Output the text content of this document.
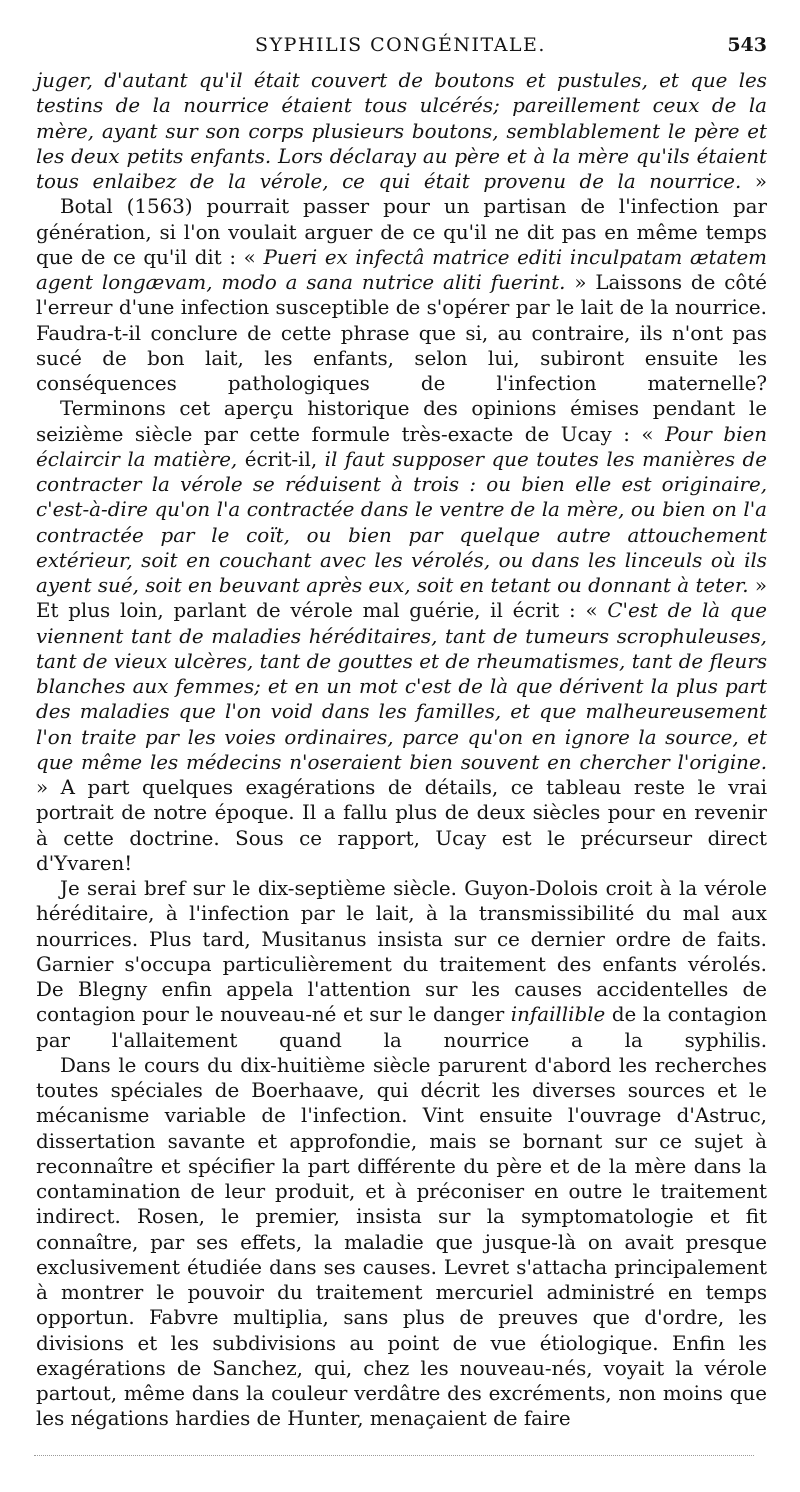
SYPHILIS CONGÉNITALE.	543

juger, d'autant qu'il était couvert de boutons et pustules, et que les testins de la nourrice étaient tous ulcérés; pareillement ceux de la mère, ayant sur son corps plusieurs boutons, semblablement le père et les deux petits enfants. Lors déclaray au père et à la mère qu'ils étaient tous enlaibez de la vérole, ce qui était provenu de la nourrice. »

Botal (1563) pourrait passer pour un partisan de l'infection par génération, si l'on voulait arguer de ce qu'il ne dit pas en même temps que de ce qu'il dit : « Pueri ex infectâ matrice editi inculpatam ætatem agent longævam, modo a sana nutrice aliti fuerint. » Laissons de côté l'erreur d'une infection susceptible de s'opérer par le lait de la nourrice. Faudra-t-il conclure de cette phrase que si, au contraire, ils n'ont pas sucé de bon lait, les enfants, selon lui, subiront ensuite les conséquences pathologiques de l'infection maternelle?

Terminons cet aperçu historique des opinions émises pendant le seizième siècle par cette formule très-exacte de Ucay : « Pour bien éclaircir la matière, écrit-il, il faut supposer que toutes les manières de contracter la vérole se réduisent à trois : ou bien elle est originaire, c'est-à-dire qu'on l'a contractée dans le ventre de la mère, ou bien on l'a contractée par le coït, ou bien par quelque autre attouchement extérieur, soit en couchant avec les vérolés, ou dans les linceuls où ils ayent sué, soit en beuvant après eux, soit en tetant ou donnant à teter. » Et plus loin, parlant de vérole mal guérie, il écrit : « C'est de là que viennent tant de maladies héréditaires, tant de tumeurs scrophuleuses, tant de vieux ulcères, tant de gouttes et de rheumatismes, tant de fleurs blanches aux femmes; et en un mot c'est de là que dérivent la plus part des maladies que l'on void dans les familles, et que malheureusement l'on traite par les voies ordinaires, parce qu'on en ignore la source, et que même les médecins n'oseraient bien souvent en chercher l'origine. » A part quelques exagérations de détails, ce tableau reste le vrai portrait de notre époque. Il a fallu plus de deux siècles pour en revenir à cette doctrine. Sous ce rapport, Ucay est le précurseur direct d'Yvaren!

Je serai bref sur le dix-septième siècle. Guyon-Dolois croit à la vérole héréditaire, à l'infection par le lait, à la transmissibilité du mal aux nourrices. Plus tard, Musitanus insista sur ce dernier ordre de faits. Garnier s'occupa particulièrement du traitement des enfants vérolés. De Blegny enfin appela l'attention sur les causes accidentelles de contagion pour le nouveau-né et sur le danger infaillible de la contagion par l'allaitement quand la nourrice a la syphilis.

Dans le cours du dix-huitième siècle parurent d'abord les recherches toutes spéciales de Boerhaave, qui décrit les diverses sources et le mécanisme variable de l'infection. Vint ensuite l'ouvrage d'Astruc, dissertation savante et approfondie, mais se bornant sur ce sujet à reconnaître et spécifier la part différente du père et de la mère dans la contamination de leur produit, et à préconiser en outre le traitement indirect. Rosen, le premier, insista sur la symptomatologie et fit connaître, par ses effets, la maladie que jusque-là on avait presque exclusivement étudiée dans ses causes. Levret s'attacha principalement à montrer le pouvoir du traitement mercuriel administré en temps opportun. Fabvre multiplia, sans plus de preuves que d'ordre, les divisions et les subdivisions au point de vue étiologique. Enfin les exagérations de Sanchez, qui, chez les nouveau-nés, voyait la vérole partout, même dans la couleur verdâtre des excréments, non moins que les négations hardies de Hunter, menaçaient de faire
